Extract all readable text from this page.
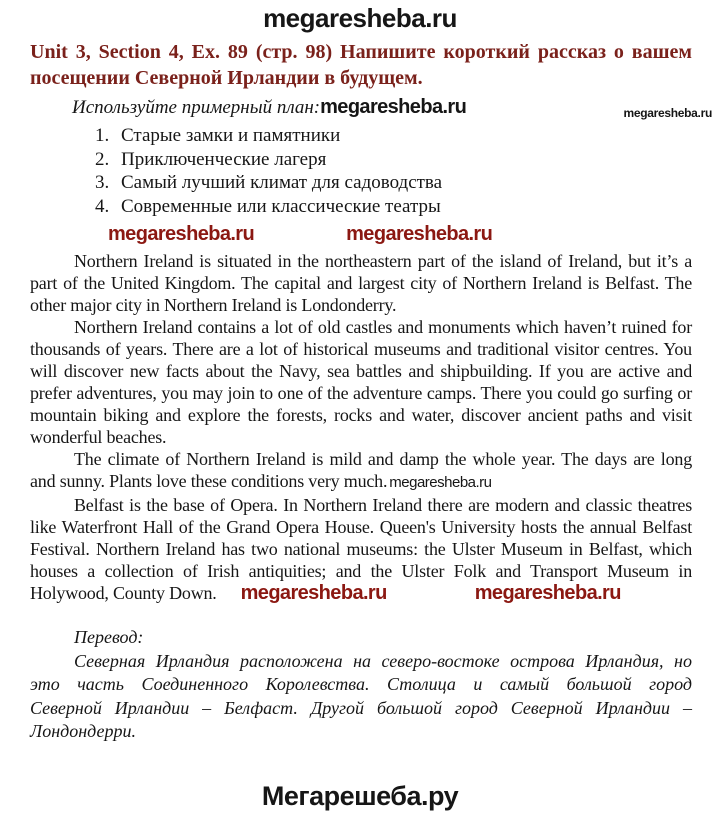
megaresheba.ru
Unit 3, Section 4, Ex. 89 (стр. 98) Напишите короткий рассказ о вашем посещении Северной Ирландии в будущем.
Используйте примерный план:megaresheba.ru	megaresheba.ru
1. Старые замки и памятники
2. Приключенческие лагеря
3. Самый лучший климат для садоводства
4. Современные или классические театры
megaresheba.ru	megaresheba.ru

Northern Ireland is situated in the northeastern part of the island of Ireland, but it’s a part of the United Kingdom. The capital and largest city of Northern Ireland is Belfast. The other major city in Northern Ireland is Londonderry.

Northern Ireland contains a lot of old castles and monuments which haven’t ruined for thousands of years. There are a lot of historical museums and traditional visitor centres. You will discover new facts about the Navy, sea battles and shipbuilding. If you are active and prefer adventures, you may join to one of the adventure camps. There you could go surfing or mountain biking and explore the forests, rocks and water, discover ancient paths and visit wonderful beaches.

The climate of Northern Ireland is mild and damp the whole year. The days are long and sunny. Plants love these conditions very much. megaresheba.ru

Belfast is the base of Opera. In Northern Ireland there are modern and classic theatres like Waterfront Hall of the Grand Opera House. Queen's University hosts the annual Belfast Festival. Northern Ireland has two national museums: the Ulster Museum in Belfast, which houses a collection of Irish antiquities; and the Ulster Folk and Transport Museum in Holywood, County Down. megaresheba.ru	megaresheba.ru

Перевод:

Северная Ирландия расположена на северо-востоке острова Ирландия, но это часть Соединенного Королевства. Столица и самый большой город Северной Ирландии – Белфаст. Другой большой город Северной Ирландии – Лондондерри.

Мегарешеба.ру
